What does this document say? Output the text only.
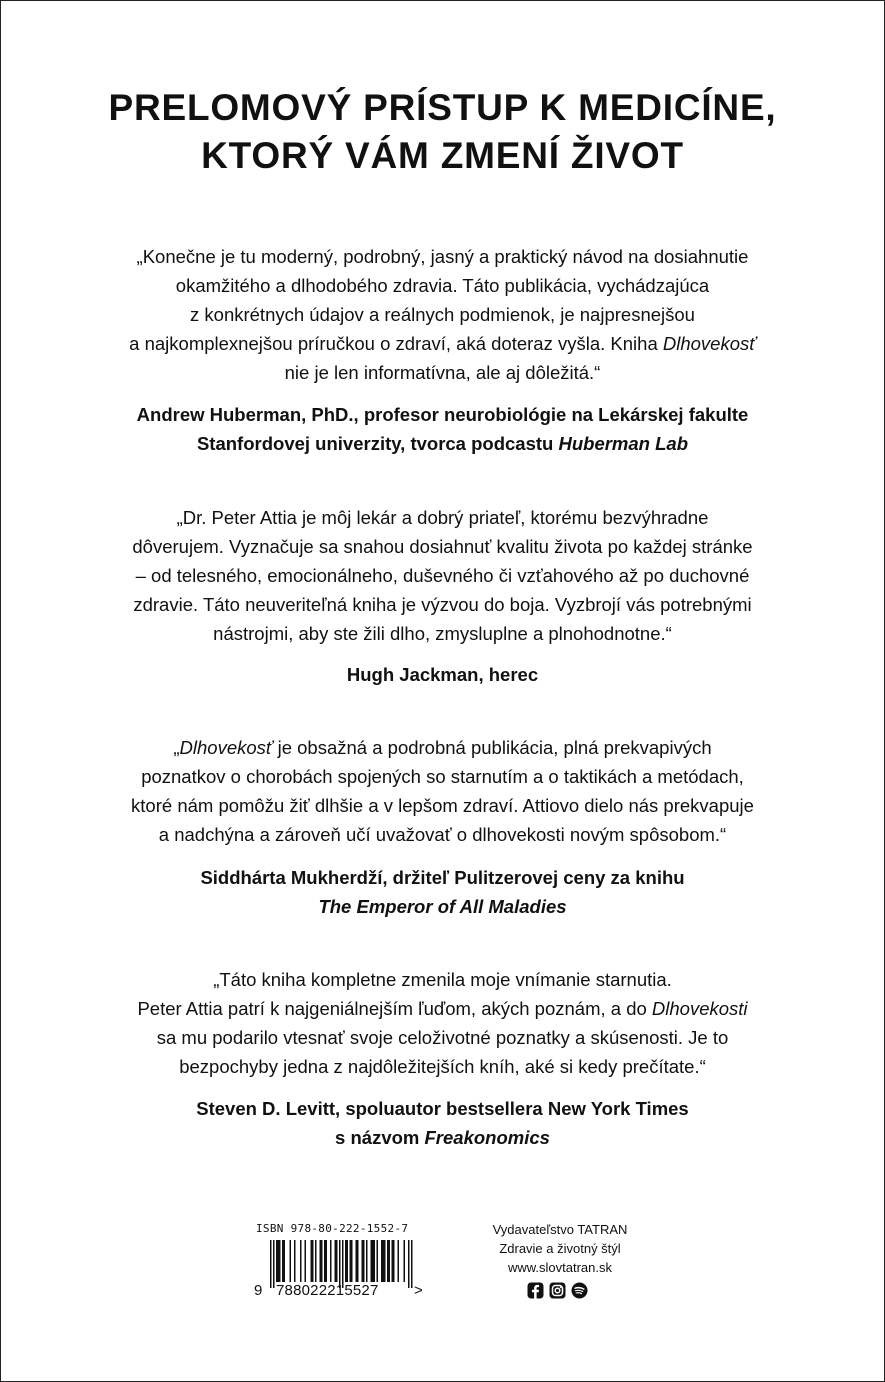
PRELOMOVÝ PRÍSTUP K MEDICÍNE,
KTORÝ VÁM ZMENÍ ŽIVOT
„Konečne je tu moderný, podrobný, jasný a praktický návod na dosiahnutie
okamžitého a dlhodobého zdravia. Táto publikácia, vychádzajúca
z konkrétnych údajov a reálnych podmienok, je najpresnejšou
a najkomplexnejšou príručkou o zdraví, aká doteraz vyšla. Kniha Dlhovekosť
nie je len informatívna, ale aj dôležitá.“
Andrew Huberman, PhD., profesor neurobiológie na Lekárskej fakulte
Stanfordovej univerzity, tvorca podcastu Huberman Lab
„Dr. Peter Attia je môj lekár a dobrý priateľ, ktorému bezvýhradne
dôverujem. Vyznačuje sa snahou dosiahnuť kvalitu života po každej stránke
– od telesného, emocionálneho, duševného či vzťahového až po duchovné
zdravie. Táto neuveriteľná kniha je výzvou do boja. Vyzbrojí vás potrebnými
nástrojmi, aby ste žili dlho, zmysluplne a plnohodnotne.“
Hugh Jackman, herec
„Dlhovekosť je obsažná a podrobná publikácia, plná prekvapivých
poznatkov o chorobách spojených so starnutím a o taktikách a metódach,
ktoré nám pomôžu žiť dlhšie a v lepšom zdraví. Attiovo dielo nás prekvapuje
a nadchýna a zároveň učí uvažovať o dlhovekosti novým spôsobom.“
Siddhárta Mukherdží, držiteľ Pulitzerovej ceny za knihu
The Emperor of All Maladies
„Táto kniha kompletne zmenila moje vnímanie starnutia.
Peter Attia patrí k najgeniálnejším ľuďom, akých poznám, a do Dlhovekosti
sa mu podarilo vtesnať svoje celoživotné poznatky a skúsenosti. Je to
bezpochyby jedna z najdôležitejších kníh, aké si kedy prečítate.“
Steven D. Levitt, spoluautor bestsellera New York Times
s názvom Freakonomics
ISBN 978-80-222-1552-7
9 788022215527 >
Vydavateľstvo TATRAN
Zdravie a životný štýl
www.slovtatran.sk
